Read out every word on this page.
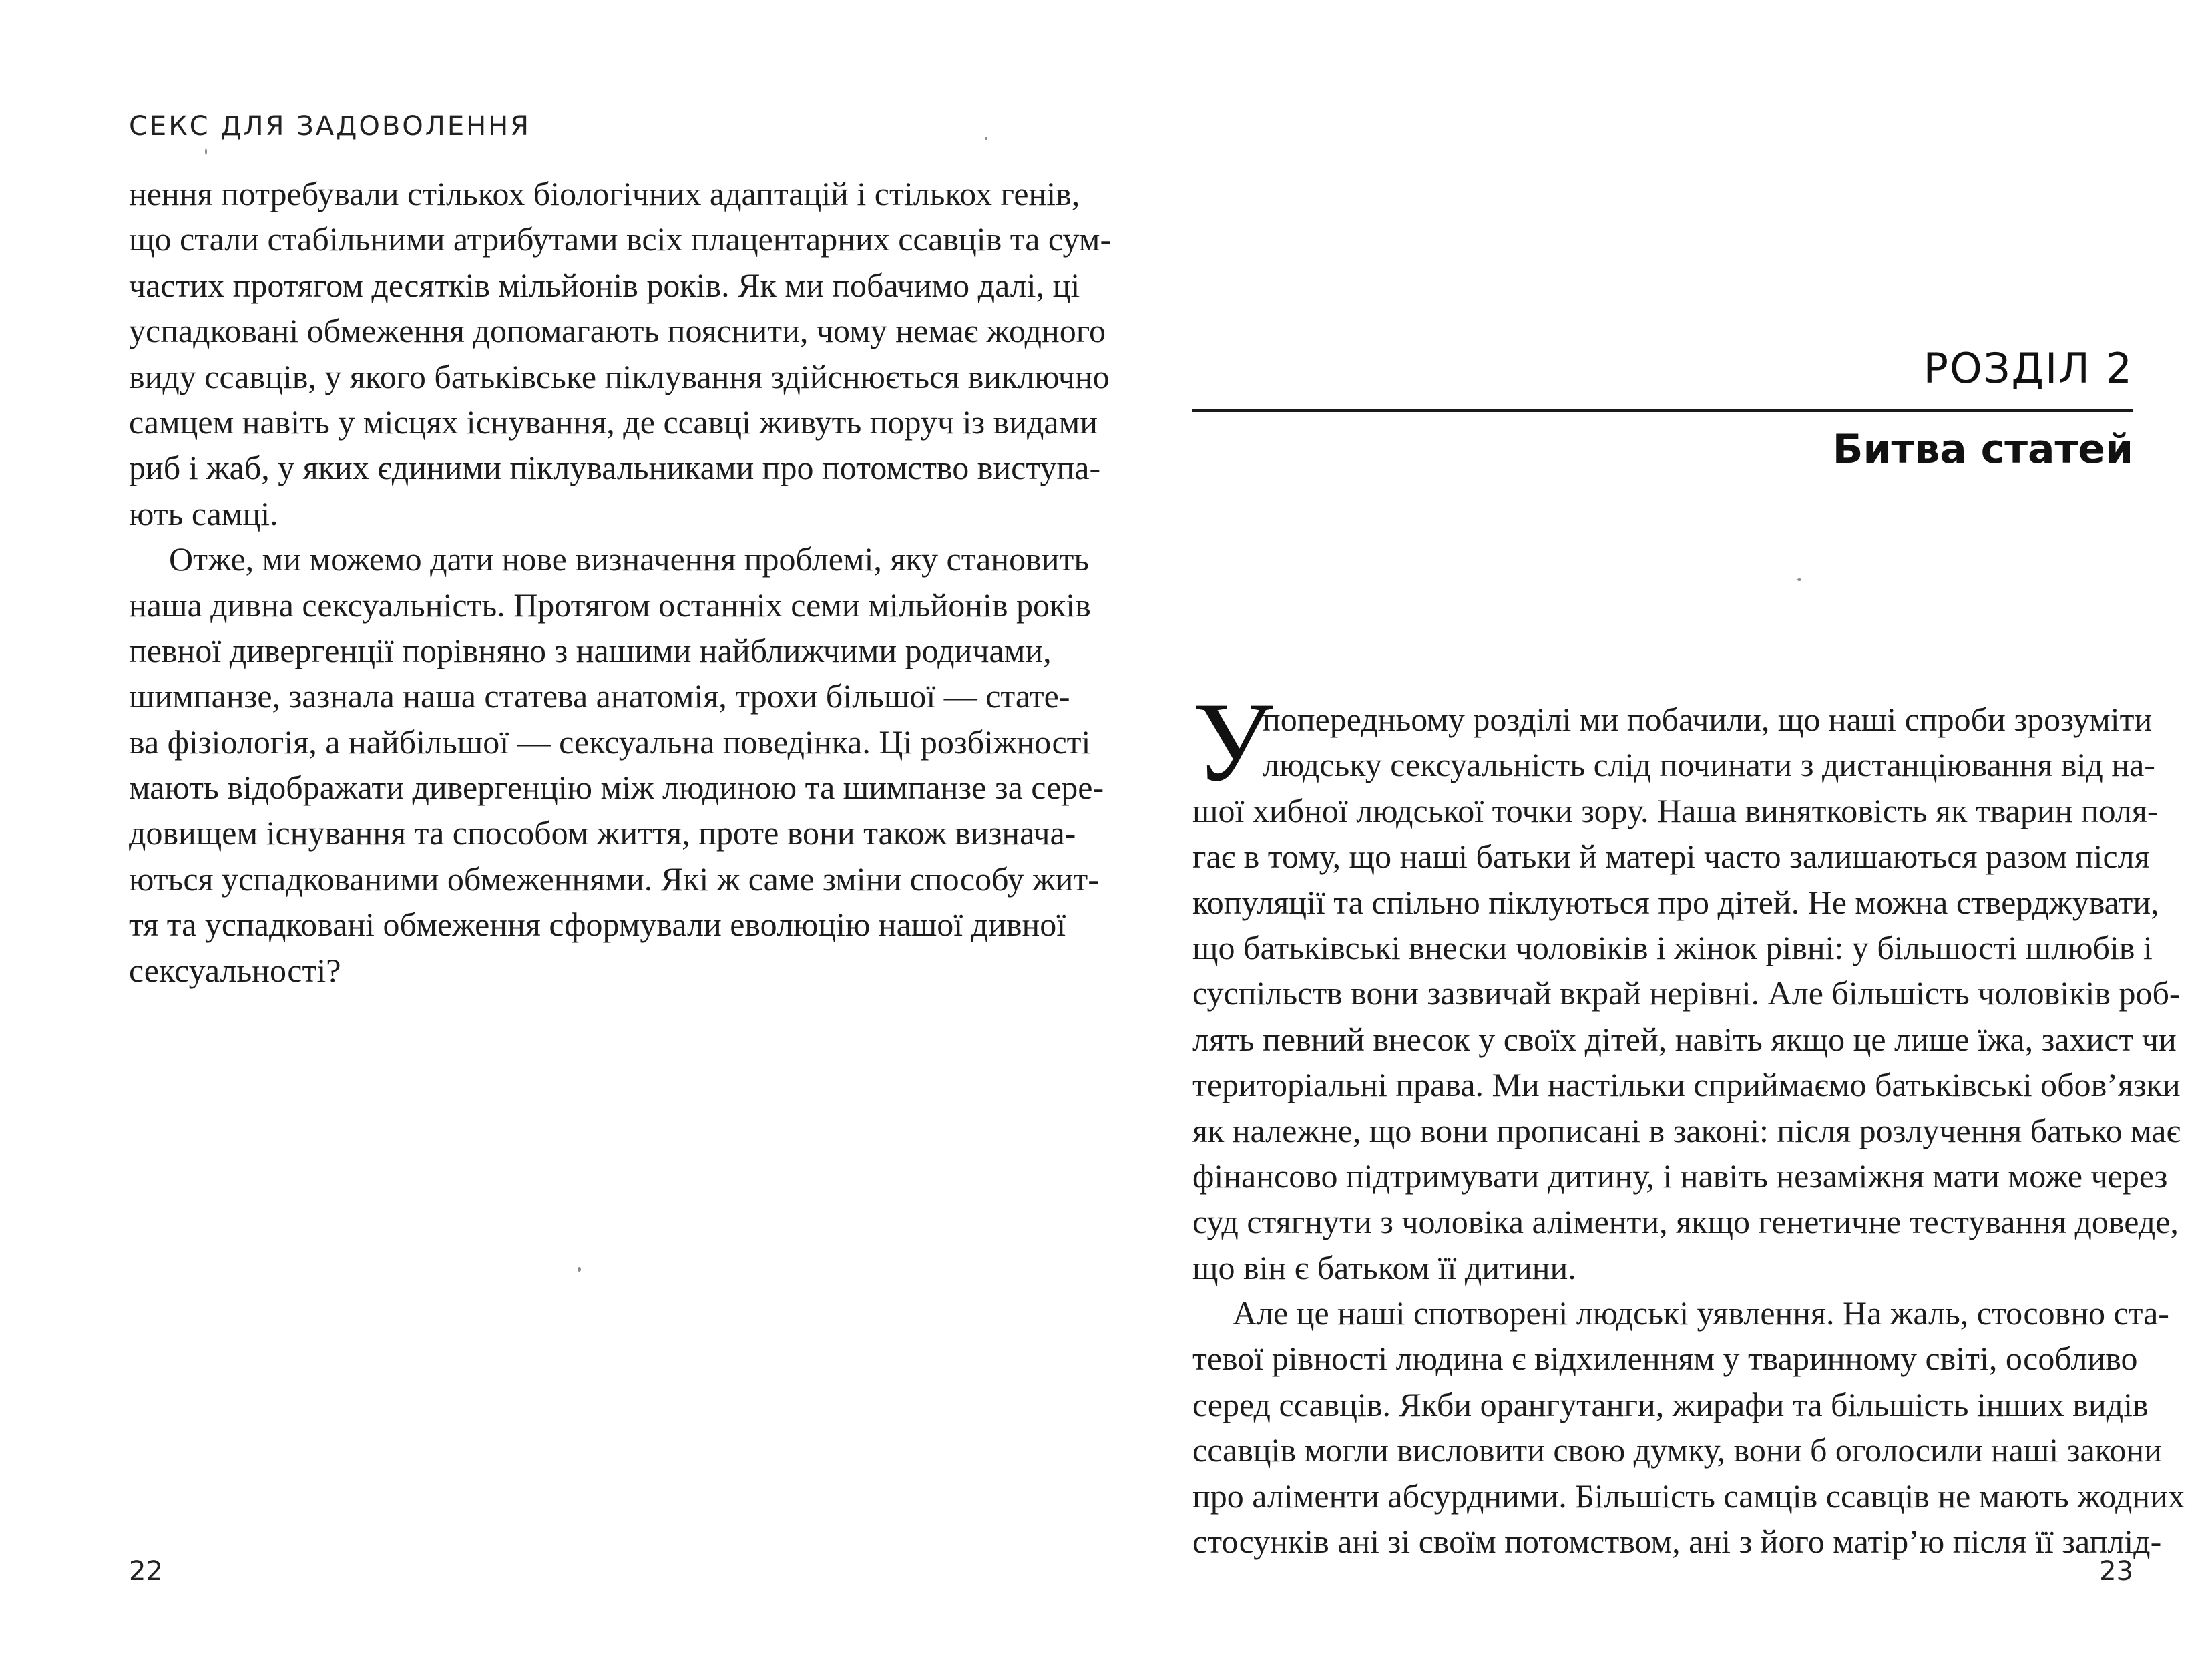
СЕКС ДЛЯ ЗАДОВОЛЕННЯ
нення потребували стількох біологічних адаптацій і стількох генів,
що стали стабільними атрибутами всіх плацентарних ссавців та сум-
частих протягом десятків мільйонів років. Як ми побачимо далі, ці
успадковані обмеження допомагають пояснити, чому немає жодного
виду ссавців, у якого батьківське піклування здійснюється виключно
самцем навіть у місцях існування, де ссавці живуть поруч із видами
риб і жаб, у яких єдиними піклувальниками про потомство виступа-
ють самці.
Отже, ми можемо дати нове визначення проблемі, яку становить
наша дивна сексуальність. Протягом останніх семи мільйонів років
певної дивергенції порівняно з нашими найближчими родичами,
шимпанзе, зазнала наша статева анатомія, трохи більшої — стате-
ва фізіологія, а найбільшої — сексуальна поведінка. Ці розбіжності
мають відображати дивергенцію між людиною та шимпанзе за сере-
довищем існування та способом життя, проте вони також визнача-
ються успадкованими обмеженнями. Які ж саме зміни способу жит-
тя та успадковані обмеження сформували еволюцію нашої дивної
сексуальності?
22
РОЗДІЛ 2
Битва статей
У
попередньому розділі ми побачили, що наші спроби зрозуміти
людську сексуальність слід починати з дистанціювання від на-
шої хибної людської точки зору. Наша винятковість як тварин поля-
гає в тому, що наші батьки й матері часто залишаються разом після
копуляції та спільно піклуються про дітей. Не можна стверджувати,
що батьківські внески чоловіків і жінок рівні: у більшості шлюбів і
суспільств вони зазвичай вкрай нерівні. Але більшість чоловіків роб-
лять певний внесок у своїх дітей, навіть якщо це лише їжа, захист чи
територіальні права. Ми настільки сприймаємо батьківські обов’язки
як належне, що вони прописані в законі: після розлучення батько має
фінансово підтримувати дитину, і навіть незаміжня мати може через
суд стягнути з чоловіка аліменти, якщо генетичне тестування доведе,
що він є батьком її дитини.
Але це наші спотворені людські уявлення. На жаль, стосовно ста-
тевої рівності людина є відхиленням у тваринному світі, особливо
серед ссавців. Якби орангутанги, жирафи та більшість інших видів
ссавців могли висловити свою думку, вони б оголосили наші закони
про аліменти абсурдними. Більшість самців ссавців не мають жодних
стосунків ані зі своїм потомством, ані з його матір’ю після її заплід-
23
